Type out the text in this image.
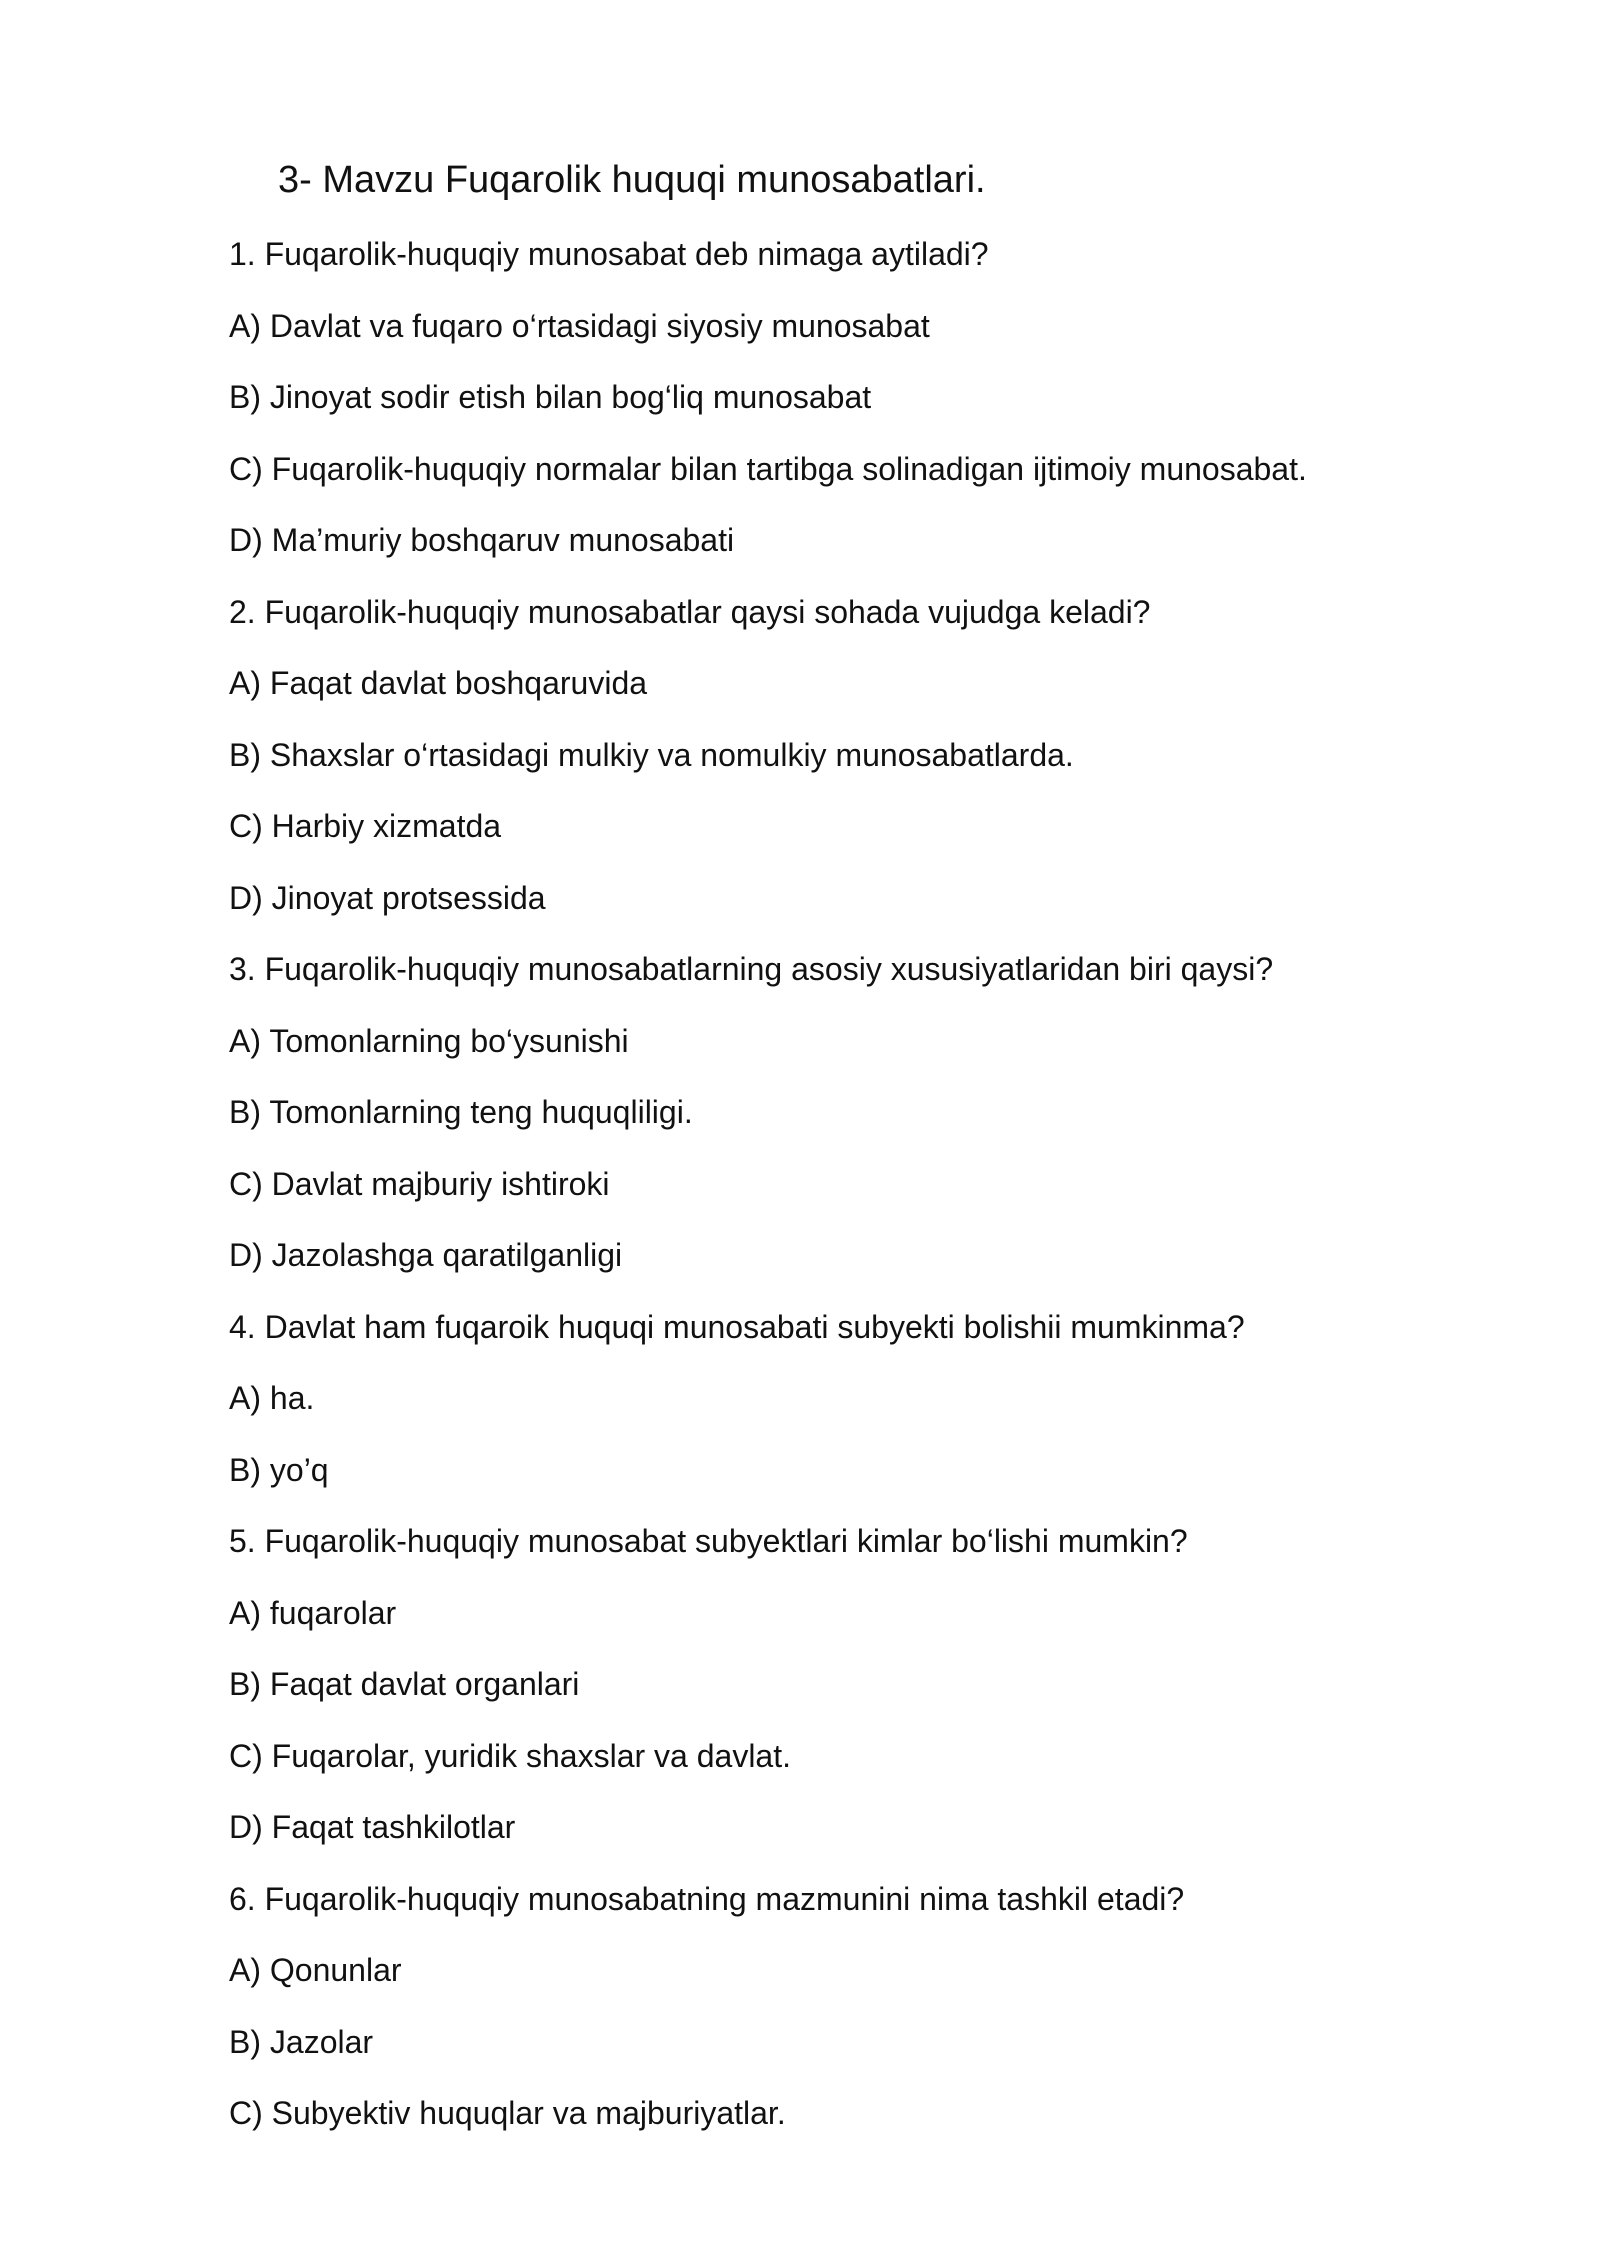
3- Mavzu Fuqarolik huquqi munosabatlari.
1. Fuqarolik-huquqiy munosabat deb nimaga aytiladi?
A) Davlat va fuqaro o‘rtasidagi siyosiy munosabat
B) Jinoyat sodir etish bilan bog‘liq munosabat
C) Fuqarolik-huquqiy normalar bilan tartibga solinadigan ijtimoiy munosabat.
D) Ma’muriy boshqaruv munosabati
2. Fuqarolik-huquqiy munosabatlar qaysi sohada vujudga keladi?
A) Faqat davlat boshqaruvida
B) Shaxslar o‘rtasidagi mulkiy va nomulkiy munosabatlarda.
C) Harbiy xizmatda
D) Jinoyat protsessida
3. Fuqarolik-huquqiy munosabatlarning asosiy xususiyatlaridan biri qaysi?
A) Tomonlarning bo‘ysunishi
B) Tomonlarning teng huquqliligi.
C) Davlat majburiy ishtiroki
D) Jazolashga qaratilganligi
4. Davlat ham fuqaroik huquqi munosabati subyekti bolishii mumkinma?
A) ha.
B) yo’q
5. Fuqarolik-huquqiy munosabat subyektlari kimlar bo‘lishi mumkin?
A) fuqarolar
B) Faqat davlat organlari
C) Fuqarolar, yuridik shaxslar va davlat.
D) Faqat tashkilotlar
6. Fuqarolik-huquqiy munosabatning mazmunini nima tashkil etadi?
A) Qonunlar
B) Jazolar
C) Subyektiv huquqlar va majburiyatlar.
